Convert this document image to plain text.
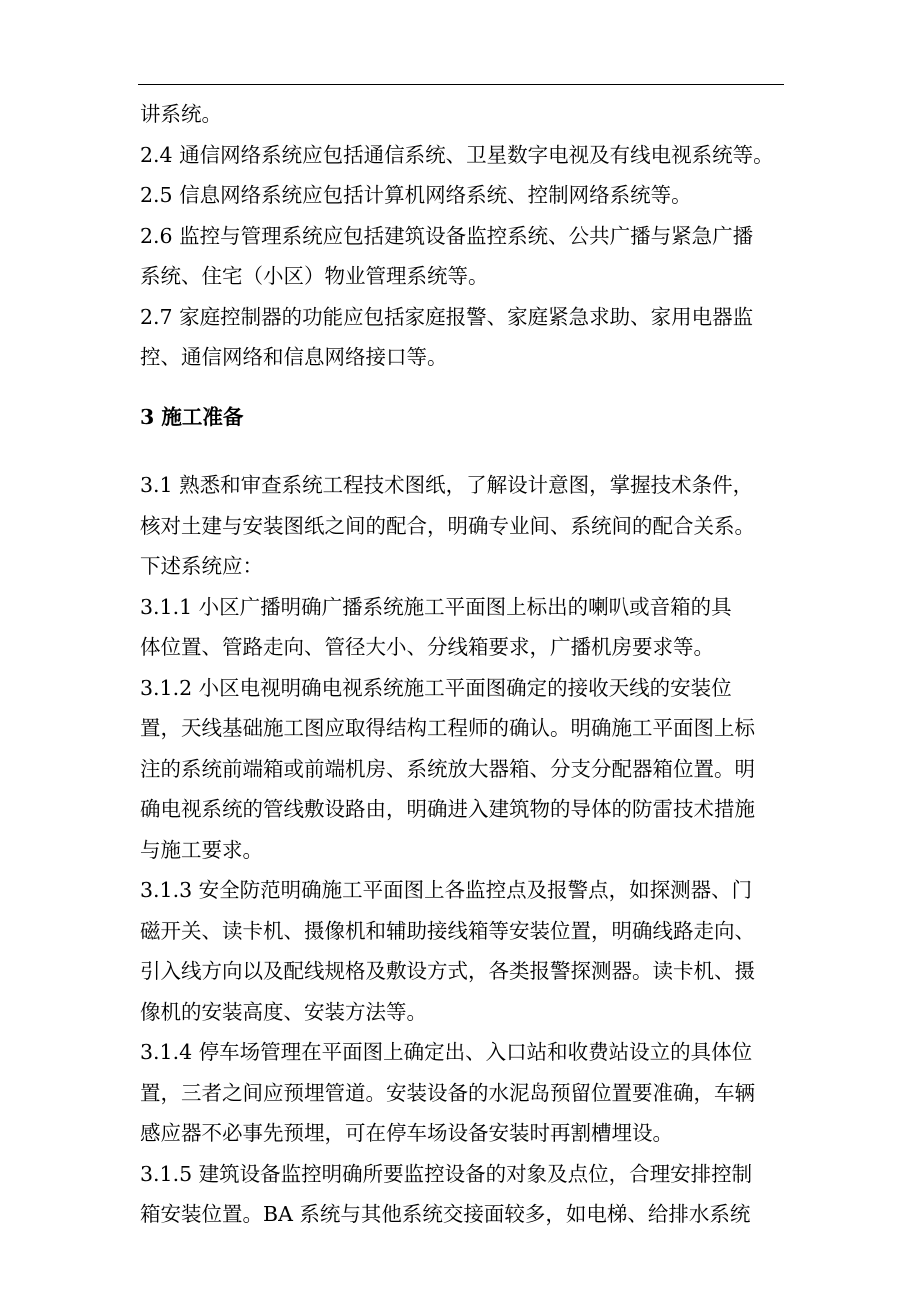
讲系统。

2.4 通信网络系统应包括通信系统、卫星数字电视及有线电视系统等。

2.5 信息网络系统应包括计算机网络系统、控制网络系统等。

2.6 监控与管理系统应包括建筑设备监控系统、公共广播与紧急广播
系统、住宅（小区）物业管理系统等。

2.7 家庭控制器的功能应包括家庭报警、家庭紧急求助、家用电器监
控、通信网络和信息网络接口等。

3 施工准备

3.1 熟悉和审查系统工程技术图纸，了解设计意图，掌握技术条件，
核对土建与安装图纸之间的配合，明确专业间、系统间的配合关系。
下述系统应：

3.1.1 小区广播明确广播系统施工平面图上标出的喇叭或音箱的具
体位置、管路走向、管径大小、分线箱要求，广播机房要求等。

3.1.2 小区电视明确电视系统施工平面图确定的接收天线的安装位
置，天线基础施工图应取得结构工程师的确认。明确施工平面图上标
注的系统前端箱或前端机房、系统放大器箱、分支分配器箱位置。明
确电视系统的管线敷设路由，明确进入建筑物的导体的防雷技术措施
与施工要求。

3.1.3 安全防范明确施工平面图上各监控点及报警点，如探测器、门
磁开关、读卡机、摄像机和辅助接线箱等安装位置，明确线路走向、
引入线方向以及配线规格及敷设方式，各类报警探测器。读卡机、摄
像机的安装高度、安装方法等。

3.1.4 停车场管理在平面图上确定出、入口站和收费站设立的具体位
置，三者之间应预埋管道。安装设备的水泥岛预留位置要准确，车辆
感应器不必事先预埋，可在停车场设备安装时再割槽埋设。

3.1.5 建筑设备监控明确所要监控设备的对象及点位，合理安排控制
箱安装位置。BA 系统与其他系统交接面较多，如电梯、给排水系统
